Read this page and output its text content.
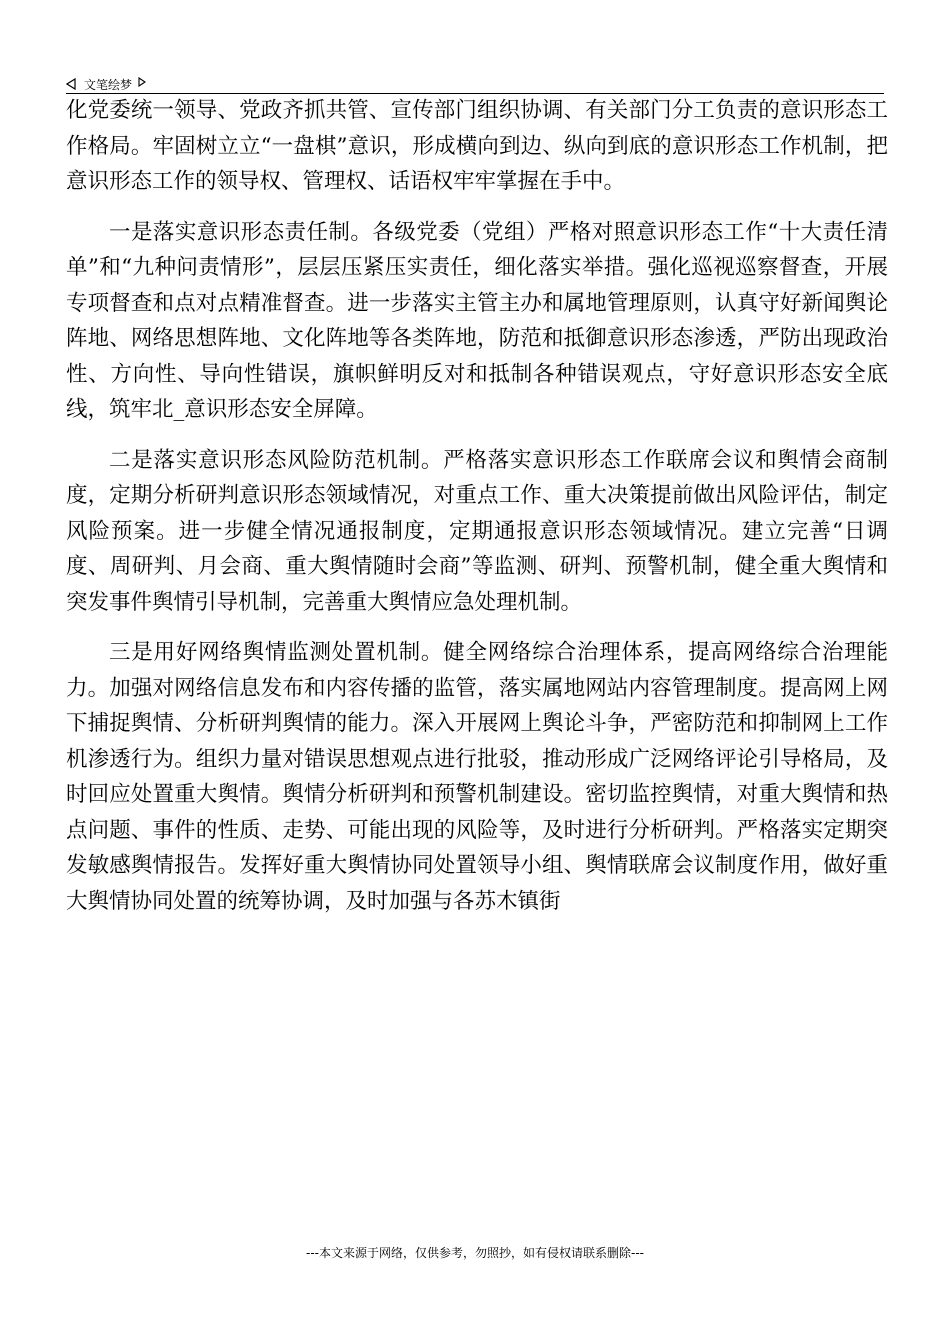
文笔绘梦

化党委统一领导、党政齐抓共管、宣传部门组织协调、有关部门分工负责的意识形态工作格局。牢固树立立“一盘棋”意识，形成横向到边、纵向到底的意识形态工作机制，把意识形态工作的领导权、管理权、话语权牢牢掌握在手中。

一是落实意识形态责任制。各级党委（党组）严格对照意识形态工作“十大责任清单”和“九种问责情形”，层层压紧压实责任，细化落实举措。强化巡视巡察督查，开展专项督查和点对点精准督查。进一步落实主管主办和属地管理原则，认真守好新闻舆论阵地、网络思想阵地、文化阵地等各类阵地，防范和抵御意识形态渗透，严防出现政治性、方向性、导向性错误，旗帜鲜明反对和抵制各种错误观点，守好意识形态安全底线，筑牢北_意识形态安全屏障。

二是落实意识形态风险防范机制。严格落实意识形态工作联席会议和舆情会商制度，定期分析研判意识形态领域情况，对重点工作、重大决策提前做出风险评估，制定风险预案。进一步健全情况通报制度，定期通报意识形态领域情况。建立完善“日调度、周研判、月会商、重大舆情随时会商”等监测、研判、预警机制，健全重大舆情和突发事件舆情引导机制，完善重大舆情应急处理机制。

三是用好网络舆情监测处置机制。健全网络综合治理体系，提高网络综合治理能力。加强对网络信息发布和内容传播的监管，落实属地网站内容管理制度。提高网上网下捕捉舆情、分析研判舆情的能力。深入开展网上舆论斗争，严密防范和抑制网上工作机渗透行为。组织力量对错误思想观点进行批驳，推动形成广泛网络评论引导格局，及时回应处置重大舆情。舆情分析研判和预警机制建设。密切监控舆情，对重大舆情和热点问题、事件的性质、走势、可能出现的风险等，及时进行分析研判。严格落实定期突发敏感舆情报告。发挥好重大舆情协同处置领导小组、舆情联席会议制度作用，做好重大舆情协同处置的统筹协调，及时加强与各苏木镇街

---本文来源于网络，仅供参考，勿照抄，如有侵权请联系删除---
